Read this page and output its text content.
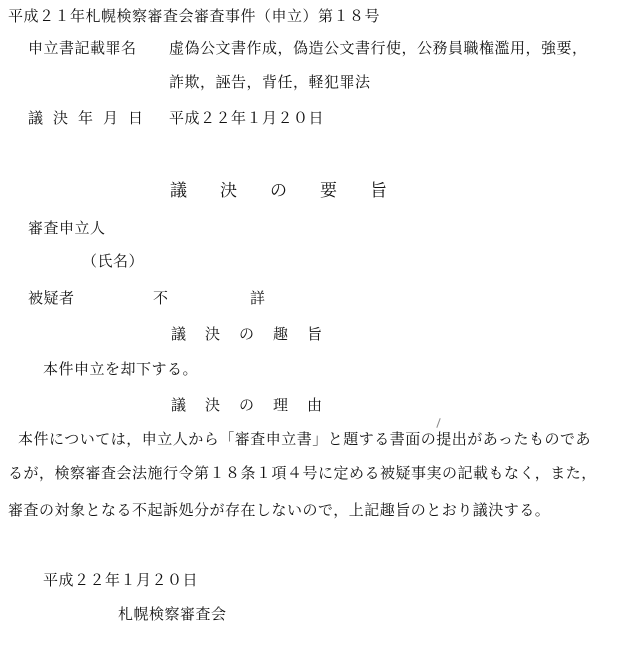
平成２１年札幌検察審査会審査事件（申立）第１８号
申立書記載罪名 虚偽公文書作成，偽造公文書行使，公務員職権濫用，強要，
詐欺，誣告，背任，軽犯罪法
議決年月日 平成２２年１月２０日
議決の要旨
審査申立人
（氏名）
被疑者	不	詳
議決の趣旨
本件申立を却下する。
議決の理由
本件については，申立人から「審査申立書」と題する書面の提出があったものであ
るが，検察審査会法施行令第１８条１項４号に定める被疑事実の記載もなく，また，
審査の対象となる不起訴処分が存在しないので，上記趣旨のとおり議決する。
平成２２年１月２０日
札幌検察審査会
